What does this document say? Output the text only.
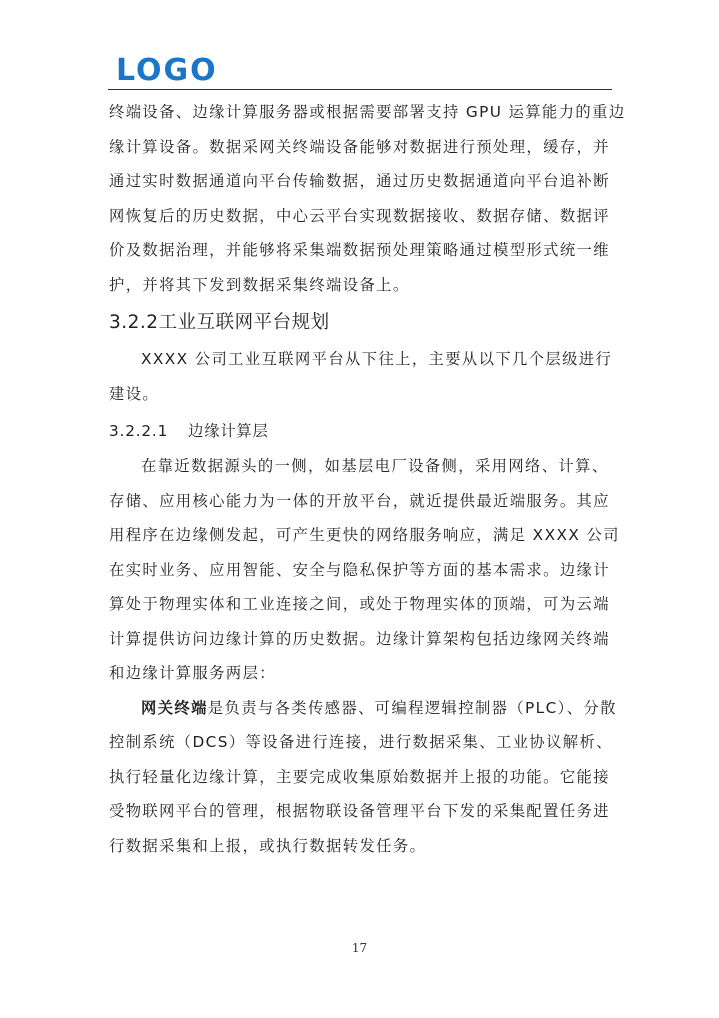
LOGO
终端设备、边缘计算服务器或根据需要部署支持 GPU 运算能力的重边
缘计算设备。数据采网关终端设备能够对数据进行预处理，缓存，并
通过实时数据通道向平台传输数据，通过历史数据通道向平台追补断
网恢复后的历史数据，中心云平台实现数据接收、数据存储、数据评
价及数据治理，并能够将采集端数据预处理策略通过模型形式统一维
护，并将其下发到数据采集终端设备上。
3.2.2工业互联网平台规划
XXXX 公司工业互联网平台从下往上，主要从以下几个层级进行
建设。
3.2.2.1 边缘计算层
在靠近数据源头的一侧，如基层电厂设备侧，采用网络、计算、
存储、应用核心能力为一体的开放平台，就近提供最近端服务。其应
用程序在边缘侧发起，可产生更快的网络服务响应，满足 XXXX 公司
在实时业务、应用智能、安全与隐私保护等方面的基本需求。边缘计
算处于物理实体和工业连接之间，或处于物理实体的顶端，可为云端
计算提供访问边缘计算的历史数据。边缘计算架构包括边缘网关终端
和边缘计算服务两层：
网关终端是负责与各类传感器、可编程逻辑控制器（PLC）、分散
控制系统（DCS）等设备进行连接，进行数据采集、工业协议解析、
执行轻量化边缘计算，主要完成收集原始数据并上报的功能。它能接
受物联网平台的管理，根据物联设备管理平台下发的采集配置任务进
行数据采集和上报，或执行数据转发任务。
17
